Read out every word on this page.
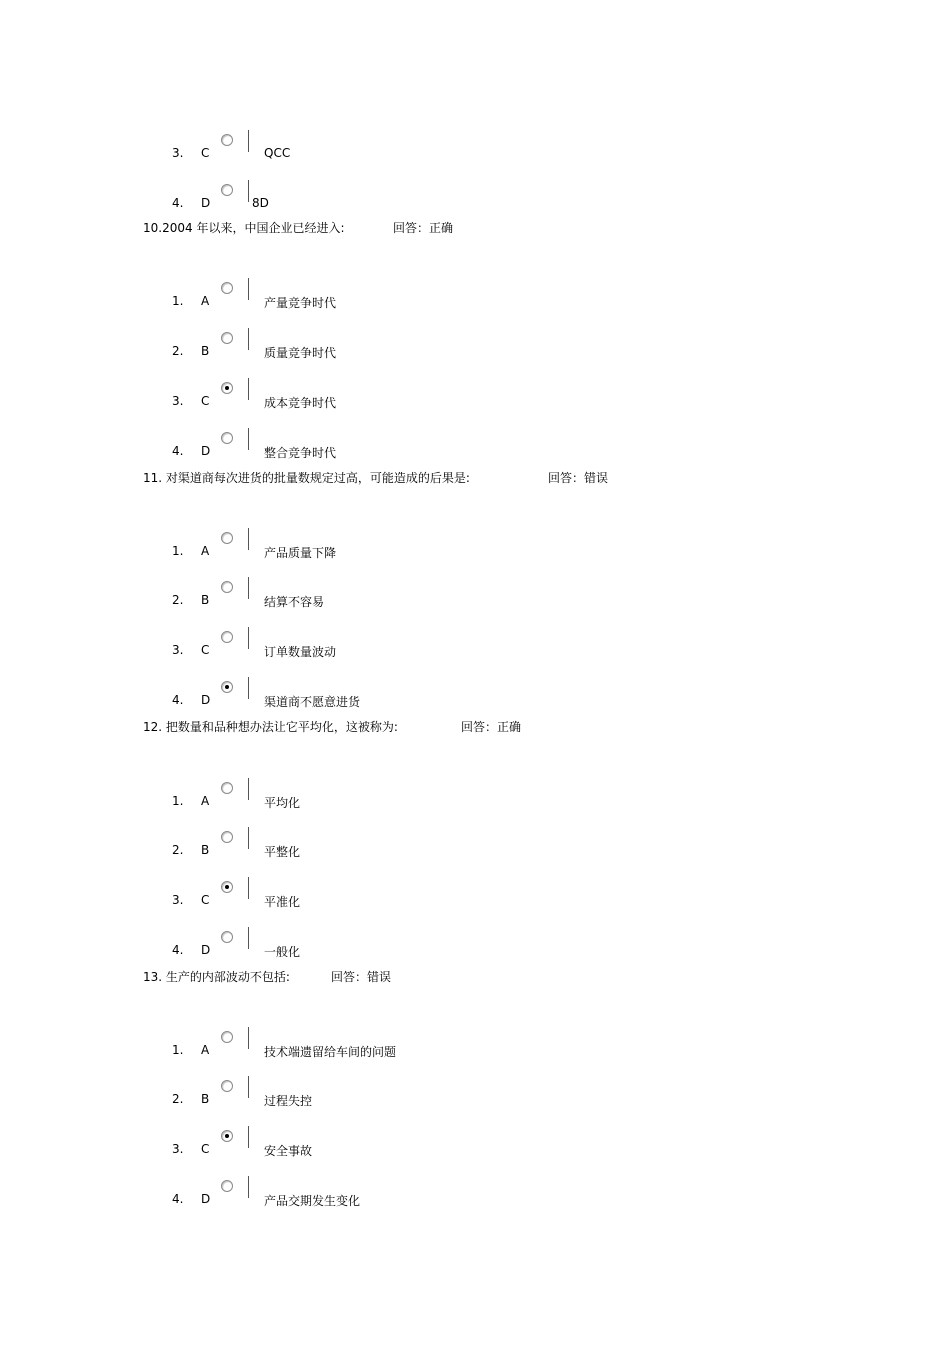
3. C	QCC
4. D	8D
10.2004 年以来，中国企业已经进入:	回答：正确
1. A	产量竞争时代
2. B	质量竞争时代
3. C	成本竞争时代
4. D	整合竞争时代
11. 对渠道商每次进货的批量数规定过高，可能造成的后果是:	回答：错误
1. A	产品质量下降
2. B	结算不容易
3. C	订单数量波动
4. D	渠道商不愿意进货
12. 把数量和品种想办法让它平均化，这被称为:	回答：正确
1. A	平均化
2. B	平整化
3. C	平准化
4. D	一般化
13. 生产的内部波动不包括:	回答：错误
1. A	技术端遗留给车间的问题
2. B	过程失控
3. C	安全事故
4. D	产品交期发生变化
